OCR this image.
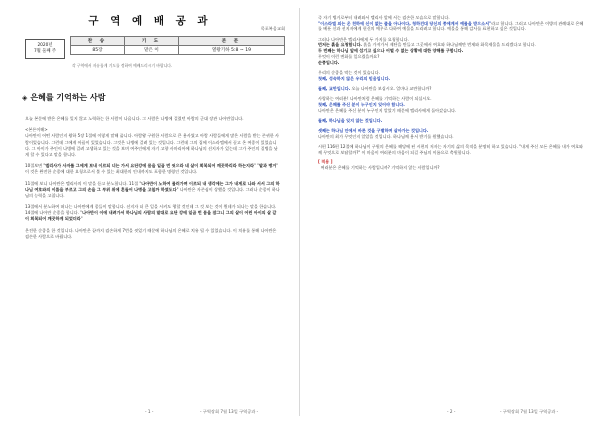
구 역 예 배 공 과
목포복음교회
2020년
7월 둘째 주
찬 송	기 도	본 문
85장	맡은 이	열왕기하 5:8 ~ 19
각 구역에서 자유롭게 기도를 정하여 예배드리시기 바랍니다.
◈ 은혜를 기억하는 사람

오늘 본문에 받은 은혜를 잊지 않고 노력하는 한 사람이 나옵니다. 그 사람은 나병에 걸렸던 아람의 군대 장관 나아만입니다.

<본론이해>
나아만이 어떤 사람인지 왕하 5장 1절에 이렇게 말해 줍니다. 아람왕 구원한 사람으로 큰 용사였고 아람 사람들에게 많은 사람을 받는 존귀한 사람이었습니다. 그런데 그에게 아픔이 있었습니다. 그것은 나병에 걸려 있는 것입니다. 그런데 그의 집에 이스라엘에서 끌고 온 여종이 있었습니다. 그 아이가 주인이 나병에 걸려 고생하고 있는 것을 보며 여주인에게 자기 고향 사마리아에 하나님의 선지자가 있는데 그가 주인의 질병을 낫게 할 수 있다고 말을 합니다.

10절보면 "엘리사가 사자를 그에게 보내 이르되 너는 가서 요단강에 몸을 일곱 번 씻으라 네 살이 회복되어 깨끗하리라 하는지라" "말과 병거" 이 것은 완전한 순종에 대한 요청으로서 볼 수 있는 최대한의 인내까지도 포함한 명령인 것입니다.

11절에 보니 나아만은 엘리사의 이 말을 듣고 분노합니다. 11절 "나아만이 노하여 물러가며 이르되 내 생각에는 그가 내게로 나와 서서 그의 하나님 여호와의 이름을 부르고 그의 손을 그 부위 위에 흔들어 나병을 고칠까 하였도다" 나아만은 자존심이 상했을 것입니다. 그러나 순종이 하나님의 능력을 고칩니다.

13절에서 분노하여 떠나는 나아만에게 종들이 말합니다. 선지자 더 큰 일을 시켜도 행할 것인데 그 것 보는 것이 뭔데가 되나는 말을 한습니다. 14절에 나아만 순종을 합니다. "나아만이 이에 내려가서 하나님의 사람의 말대로 요단 강에 일곱 번 몸을 잠그니 그의 살이 어린 아이의 살 같이 회복되어 깨끗하게 되었더라"

온전한 순종을 한 것입니다. 나아만은 끝까지 겸손하게 7번을 씻었기 때문에 하나님의 은혜로 치유 될 수 있었습니다. 이 치유를 통해 나아만은 겸손한 사람으로 바뀝니다.

- 1 -	- 구역장회 7월 13일 구역공과 -

즉 자기 병거로부터 내려와서 엘리사 앞에 서는 겸손한 모습으로 말합니다.
"이스라엘 외는 온 천하에 신이 없는 줄을 아나이다, 청하건대 당신의 종에게서 예물을 받으소서"라고 합니다. 그러고 나아만은 이방의 관례대로 은혜를 베푼 신과 선지자에게 헌신의 예우로 다하여 예물을 드리려고 합니다. 예물을 통해 감사를 표현하고 싶은 것입니다.

그러나 나아만은 엘리사에게 두 가지를 요청합니다.
먼저는 흙을 요청합니다. 흙을 가져가서 제단을 만들고 그곳에서 여호와 하나님께만 번제와 화목제물을 드리겠다고 합니다.
두 번째는 하나님 앞에 섬기고 싶으나 어떨 수 없는 상황에 대한 양해를 구합니다.
무엇이 이런 변화를 일으켰을까요?
순종입니다.

우리의 순종을 막는 것이 있습니다.
첫째, 성숙하지 않은 우리의 믿음입니다.

둘째, 교만입니다. 오늘 나아만을 보십시오. 얼마나 교만합니까?

사랑하는 여러분! 나아만처럼 은혜를 기억하는 사람이 되십시오.
첫째, 은혜를 주신 분이 누구인지 잊어야 합니다.
나아만은 은혜를 주신 분이 누구인지 알았기 때문에 엘리사에게 돌아갔습니다.

둘째, 하나님을 잊지 않는 것입니다.

셋째는 하나님 안에서 바른 것을 구별하며 살아가는 것입니다.
나아만의 최가 무엇인지 알았을 것입니다. 하나님께 용서 받기를 원했습니다.

시편 116편 12절에 하나님이 구원의 은혜를 해당에 된 시편의 저자는 자기의 삶의 목적을 분명히 하고 있습니다. "내게 주신 모든 은혜를 내가 여호와께 무엇으로 보답할까?" 이 마음이 여러분의 마음이 되길 주님의 이름으로 축원합니다.

[ 적용 ]
여러분은 은혜를 기억하는 사람입니까? 기억하지 않는 사람입니까?

- 2 -	- 구역장회 7월 13일 구역공과 -
